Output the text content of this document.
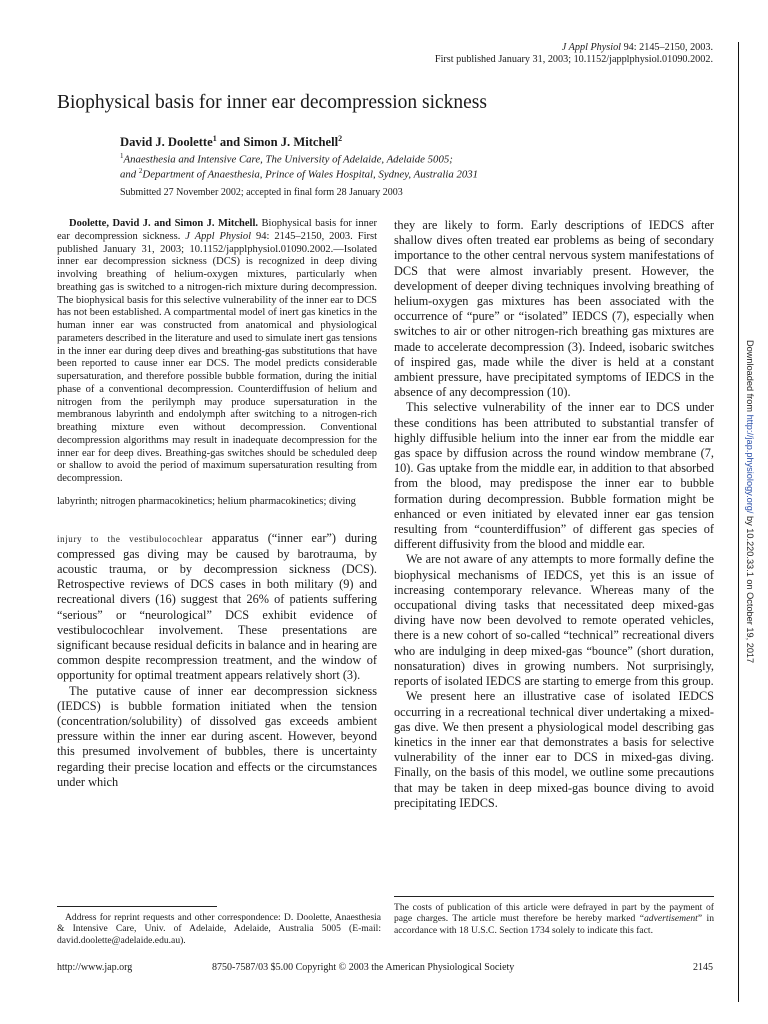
J Appl Physiol 94: 2145–2150, 2003.
First published January 31, 2003; 10.1152/japplphysiol.01090.2002.
Biophysical basis for inner ear decompression sickness
David J. Doolette$^1$ and Simon J. Mitchell$^2$
$^1$Anaesthesia and Intensive Care, The University of Adelaide, Adelaide 5005;
and $^2$Department of Anaesthesia, Prince of Wales Hospital, Sydney, Australia 2031
Submitted 27 November 2002; accepted in final form 28 January 2003

Doolette, David J. and Simon J. Mitchell. Biophysical basis for inner ear decompression sickness. J Appl Physiol 94: 2145–2150, 2003. First published January 31, 2003; 10.1152/japplphysiol.01090.2002.—Isolated inner ear decompression sickness (DCS) is recognized in deep diving involving breathing of helium-oxygen mixtures, particularly when breathing gas is switched to a nitrogen-rich mixture during decompression. The biophysical basis for this selective vulnerability of the inner ear to DCS has not been established. A compartmental model of inert gas kinetics in the human inner ear was constructed from anatomical and physiological parameters described in the literature and used to simulate inert gas tensions in the inner ear during deep dives and breathing-gas substitutions that have been reported to cause inner ear DCS. The model predicts considerable supersaturation, and therefore possible bubble formation, during the initial phase of a conventional decompression. Counterdiffusion of helium and nitrogen from the perilymph may produce supersaturation in the membranous labyrinth and endolymph after switching to a nitrogen-rich breathing mixture even without decompression. Conventional decompression algorithms may result in inadequate decompression for the inner ear for deep dives. Breathing-gas switches should be scheduled deep or shallow to avoid the period of maximum supersaturation resulting from decompression.

labyrinth; nitrogen pharmacokinetics; helium pharmacokinetics; diving

injury to the vestibulocochlear apparatus (“inner ear”) during compressed gas diving may be caused by barotrauma, by acoustic trauma, or by decompression sickness (DCS). Retrospective reviews of DCS cases in both military (9) and recreational divers (16) suggest that 26% of patients suffering “serious” or “neurological” DCS exhibit evidence of vestibulocochlear involvement. These presentations are significant because residual deficits in balance and in hearing are common despite recompression treatment, and the window of opportunity for optimal treatment appears relatively short (3).

The putative cause of inner ear decompression sickness (IEDCS) is bubble formation initiated when the tension (concentration/solubility) of dissolved gas exceeds ambient pressure within the inner ear during ascent. However, beyond this presumed involvement of bubbles, there is uncertainty regarding their precise location and effects or the circumstances under which

they are likely to form. Early descriptions of IEDCS after shallow dives often treated ear problems as being of secondary importance to the other central nervous system manifestations of DCS that were almost invariably present. However, the development of deeper diving techniques involving breathing of helium-oxygen gas mixtures has been associated with the occurrence of “pure” or “isolated” IEDCS (7), especially when switches to air or other nitrogen-rich breathing gas mixtures are made to accelerate decompression (3). Indeed, isobaric switches of inspired gas, made while the diver is held at a constant ambient pressure, have precipitated symptoms of IEDCS in the absence of any decompression (10).

This selective vulnerability of the inner ear to DCS under these conditions has been attributed to substantial transfer of highly diffusible helium into the inner ear from the middle ear gas space by diffusion across the round window membrane (7, 10). Gas uptake from the middle ear, in addition to that absorbed from the blood, may predispose the inner ear to bubble formation during decompression. Bubble formation might be enhanced or even initiated by elevated inner ear gas tension resulting from “counterdiffusion” of different gas species of different diffusivity from the blood and middle ear.

We are not aware of any attempts to more formally define the biophysical mechanisms of IEDCS, yet this is an issue of increasing contemporary relevance. Whereas many of the occupational diving tasks that necessitated deep mixed-gas diving have now been devolved to remote operated vehicles, there is a new cohort of so-called “technical” recreational divers who are indulging in deep mixed-gas “bounce” (short duration, nonsaturation) dives in growing numbers. Not surprisingly, reports of isolated IEDCS are starting to emerge from this group.

We present here an illustrative case of isolated IEDCS occurring in a recreational technical diver undertaking a mixed-gas dive. We then present a physiological model describing gas kinetics in the inner ear that demonstrates a basis for selective vulnerability of the inner ear to DCS in mixed-gas diving. Finally, on the basis of this model, we outline some precautions that may be taken in deep mixed-gas bounce diving to avoid precipitating IEDCS.

Address for reprint requests and other correspondence: D. Doolette, Anaesthesia & Intensive Care, Univ. of Adelaide, Adelaide, Australia 5005 (E-mail: david.doolette@adelaide.edu.au).
The costs of publication of this article were defrayed in part by the payment of page charges. The article must therefore be hereby marked “advertisement” in accordance with 18 U.S.C. Section 1734 solely to indicate this fact.
http://www.jap.org	8750-7587/03 $5.00 Copyright © 2003 the American Physiological Society	2145
Downloaded from http://jap.physiology.org/ by 10.220.33.1 on October 19, 2017
